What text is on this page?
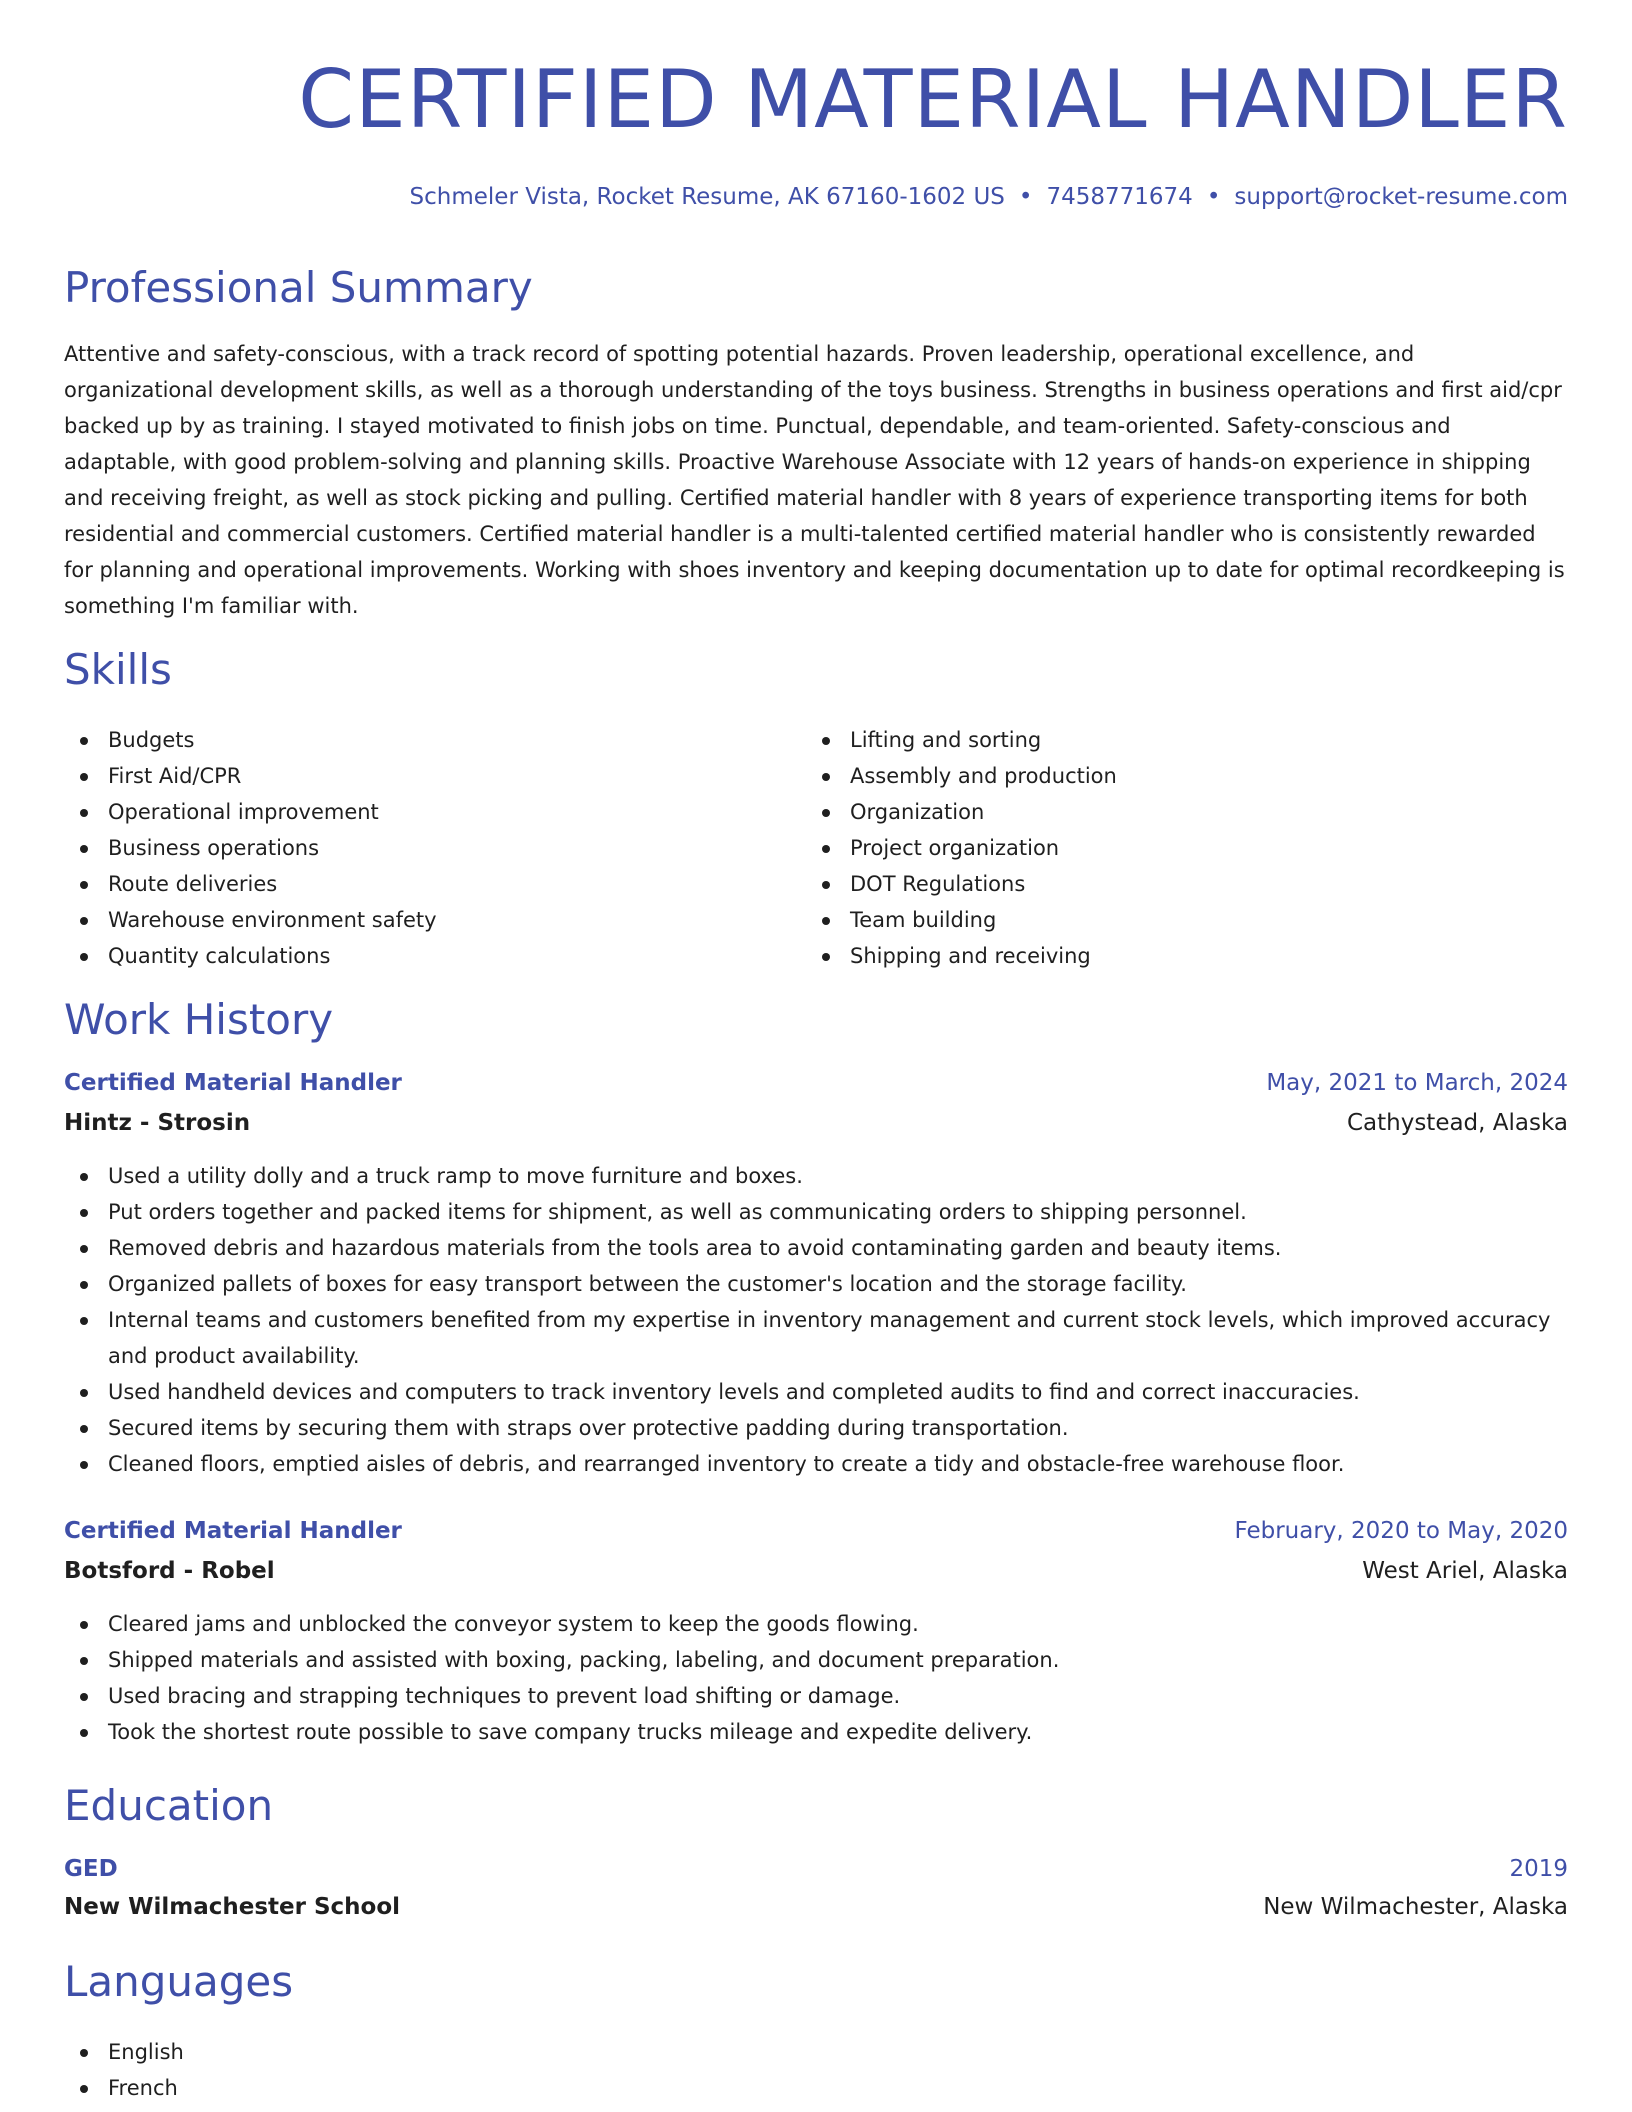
CERTIFIED MATERIAL HANDLER
Schmeler Vista, Rocket Resume, AK 67160-1602 US • 7458771674 • support@rocket-resume.com
Professional Summary

Attentive and safety-conscious, with a track record of spotting potential hazards. Proven leadership, operational excellence, and organizational development skills, as well as a thorough understanding of the toys business. Strengths in business operations and first aid/cpr backed up by as training. I stayed motivated to finish jobs on time. Punctual, dependable, and team-oriented. Safety-conscious and adaptable, with good problem-solving and planning skills. Proactive Warehouse Associate with 12 years of hands-on experience in shipping and receiving freight, as well as stock picking and pulling. Certified material handler with 8 years of experience transporting items for both residential and commercial customers. Certified material handler is a multi-talented certified material handler who is consistently rewarded for planning and operational improvements. Working with shoes inventory and keeping documentation up to date for optimal recordkeeping is something I'm familiar with.

Skills
Budgets
First Aid/CPR
Operational improvement
Business operations
Route deliveries
Warehouse environment safety
Quantity calculations
Lifting and sorting
Assembly and production
Organization
Project organization
DOT Regulations
Team building
Shipping and receiving
Work History
Certified Material Handler	May, 2021 to March, 2024
Hintz - Strosin	Cathystead, Alaska
Used a utility dolly and a truck ramp to move furniture and boxes.
Put orders together and packed items for shipment, as well as communicating orders to shipping personnel.
Removed debris and hazardous materials from the tools area to avoid contaminating garden and beauty items.
Organized pallets of boxes for easy transport between the customer's location and the storage facility.
Internal teams and customers benefited from my expertise in inventory management and current stock levels, which improved accuracy and product availability.
Used handheld devices and computers to track inventory levels and completed audits to find and correct inaccuracies.
Secured items by securing them with straps over protective padding during transportation.
Cleaned floors, emptied aisles of debris, and rearranged inventory to create a tidy and obstacle-free warehouse floor.
Certified Material Handler	February, 2020 to May, 2020
Botsford - Robel	West Ariel, Alaska
Cleared jams and unblocked the conveyor system to keep the goods flowing.
Shipped materials and assisted with boxing, packing, labeling, and document preparation.
Used bracing and strapping techniques to prevent load shifting or damage.
Took the shortest route possible to save company trucks mileage and expedite delivery.
Education
GED	2019
New Wilmachester School	New Wilmachester, Alaska
Languages
English
French
